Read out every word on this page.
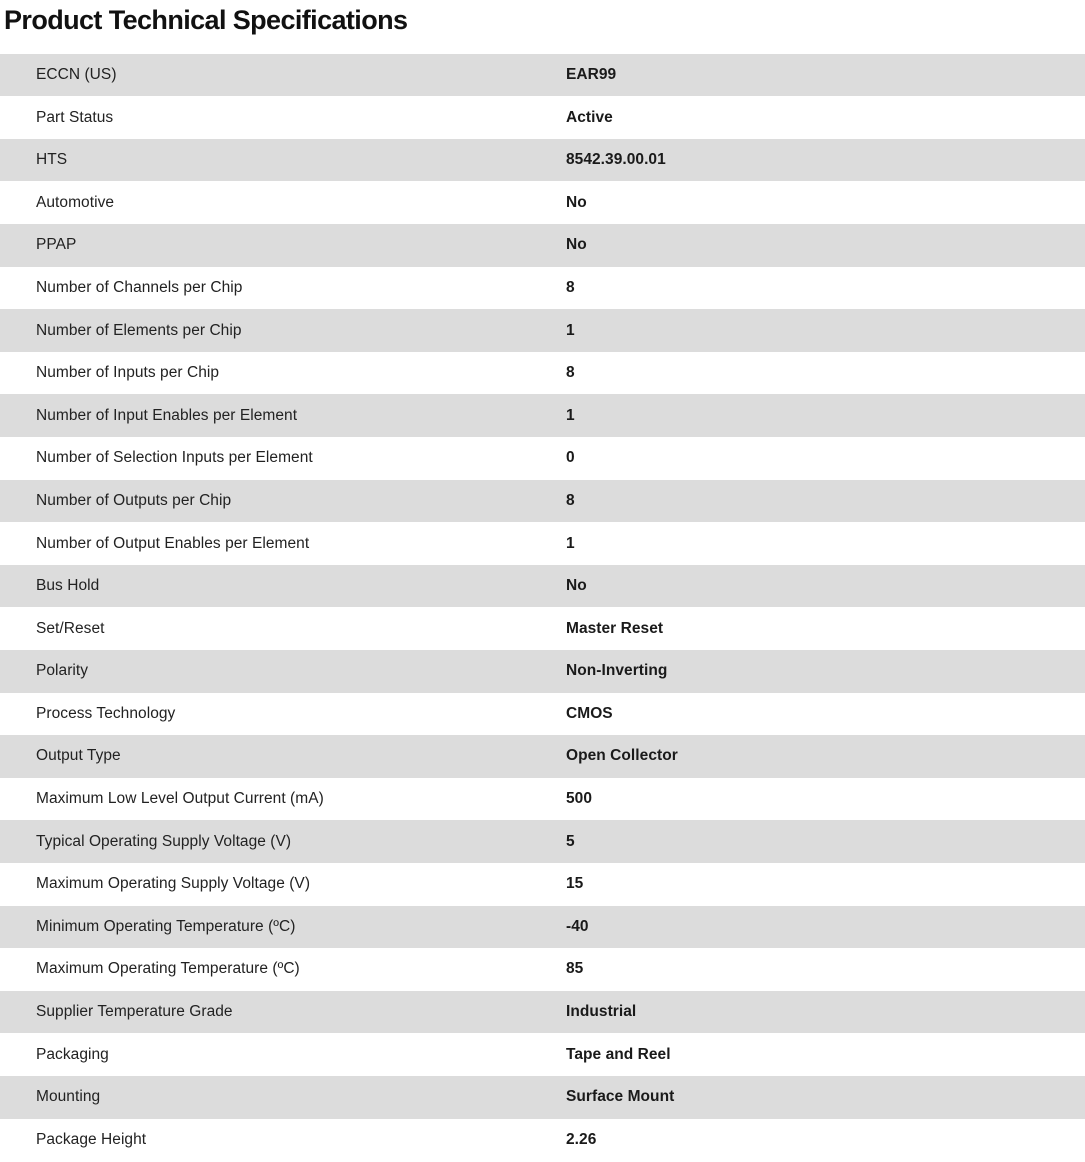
Product Technical Specifications
ECCN (US)	EAR99
Part Status	Active
HTS	8542.39.00.01
Automotive	No
PPAP	No
Number of Channels per Chip	8
Number of Elements per Chip	1
Number of Inputs per Chip	8
Number of Input Enables per Element	1
Number of Selection Inputs per Element	0
Number of Outputs per Chip	8
Number of Output Enables per Element	1
Bus Hold	No
Set/Reset	Master Reset
Polarity	Non-Inverting
Process Technology	CMOS
Output Type	Open Collector
Maximum Low Level Output Current (mA)	500
Typical Operating Supply Voltage (V)	5
Maximum Operating Supply Voltage (V)	15
Minimum Operating Temperature (ºC)	-40
Maximum Operating Temperature (ºC)	85
Supplier Temperature Grade	Industrial
Packaging	Tape and Reel
Mounting	Surface Mount
Package Height	2.26
